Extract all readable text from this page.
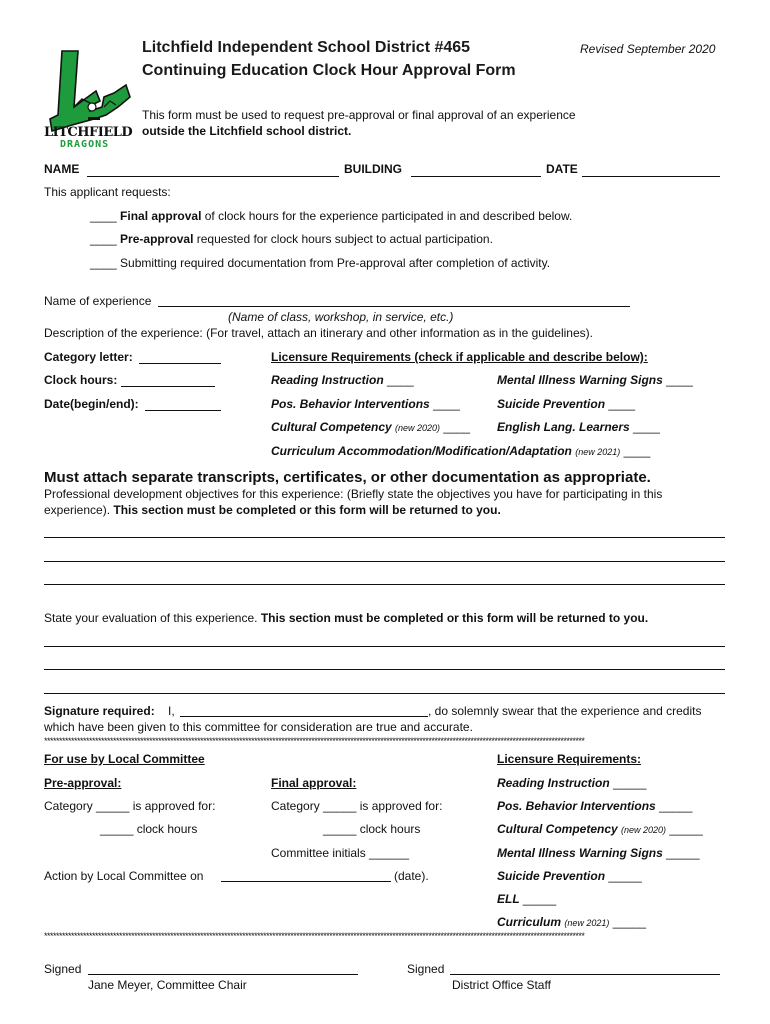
LITCHFIELD
DRAGONS
Litchfield Independent School District #465
Continuing Education Clock Hour Approval Form
Revised September 2020
This form must be used to request pre-approval or final approval of an experience
outside the Litchfield school district.
NAME	BUILDING	DATE
This applicant requests:
____ Final approval of clock hours for the experience participated in and described below.
____ Pre-approval requested for clock hours subject to actual participation.
____ Submitting required documentation from Pre-approval after completion of activity.
Name of experience
(Name of class, workshop, in service, etc.)
Description of the experience: (For travel, attach an itinerary and other information as in the guidelines).
Category letter:
Clock hours:
Date(begin/end):
Licensure Requirements (check if applicable and describe below):
Reading Instruction ____	Mental Illness Warning Signs ____
Pos. Behavior Interventions ____	Suicide Prevention ____
Cultural Competency (new 2020) ____ English Lang. Learners ____
Curriculum Accommodation/Modification/Adaptation (new 2021) ____
Must attach separate transcripts, certificates, or other documentation as appropriate.
Professional development objectives for this experience: (Briefly state the objectives you have for participating in this
experience). This section must be completed or this form will be returned to you.
State your evaluation of this experience. This section must be completed or this form will be returned to you.
Signature required: I,	, do solemnly swear that the experience and credits
which have been given to this committee for consideration are true and accurate.
************************************************************************************************************************************************************************************
For use by Local Committee	Licensure Requirements:
Pre-approval:	Final approval:
Category _____ is approved for:	Category _____ is approved for:
_____ clock hours	_____ clock hours
Committee initials ______
Action by Local Committee on	(date).
Reading Instruction _____
Pos. Behavior Interventions _____
Cultural Competency (new 2020) _____
Mental Illness Warning Signs _____
Suicide Prevention _____
ELL _____
Curriculum (new 2021) _____
************************************************************************************************************************************************************************************
Signed
Jane Meyer, Committee Chair
Signed
District Office Staff
